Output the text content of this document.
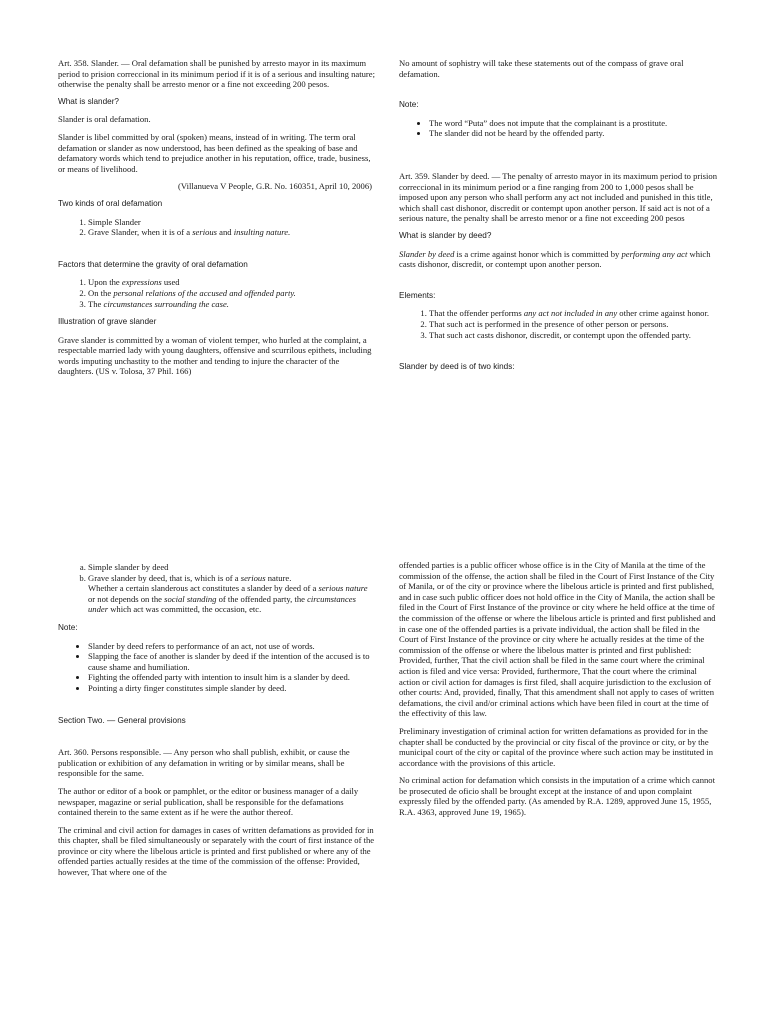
Art. 358. Slander. — Oral defamation shall be punished by arresto mayor in its maximum period to prision correccional in its minimum period if it is of a serious and insulting nature; otherwise the penalty shall be arresto menor or a fine not exceeding 200 pesos.

What is slander?

Slander is oral defamation.

Slander is libel committed by oral (spoken) means, instead of in writing. The term oral defamation or slander as now understood, has been defined as the speaking of base and defamatory words which tend to prejudice another in his reputation, office, trade, business, or means of livelihood.

(Villanueva V People, G.R. No. 160351, April 10, 2006)

Two kinds of oral defamation

1. Simple Slander
2. Grave Slander, when it is of a serious and insulting nature.

Factors that determine the gravity of oral defamation

1. Upon the expressions used
2. On the personal relations of the accused and offended party.
3. The circumstances surrounding the case.

Illustration of grave slander

Grave slander is committed by a woman of violent temper, who hurled at the complaint, a respectable married lady with young daughters, offensive and scurrilous epithets, including words imputing unchastity to the mother and tending to injure the character of the daughters. (US v. Tolosa, 37 Phil. 166)

No amount of sophistry will take these statements out of the compass of grave oral defamation.

Note:

• The word “Puta” does not impute that the complainant is a prostitute.
• The slander did not be heard by the offended party.

Art. 359. Slander by deed. — The penalty of arresto mayor in its maximum period to prision correccional in its minimum period or a fine ranging from 200 to 1,000 pesos shall be imposed upon any person who shall perform any act not included and punished in this title, which shall cast dishonor, discredit or contempt upon another person. If said act is not of a serious nature, the penalty shall be arresto menor or a fine not exceeding 200 pesos

What is slander by deed?

Slander by deed is a crime against honor which is committed by performing any act which casts dishonor, discredit, or contempt upon another person.

Elements:

1. That the offender performs any act not included in any other crime against honor.
2. That such act is performed in the presence of other person or persons.
3. That such act casts dishonor, discredit, or contempt upon the offended party.

Slander by deed is of two kinds:

a. Simple slander by deed
b. Grave slander by deed, that is, which is of a serious nature.
Whether a certain slanderous act constitutes a slander by deed of a serious nature or not depends on the social standing of the offended party, the circumstances under which act was committed, the occasion, etc.

Note:

• Slander by deed refers to performance of an act, not use of words.
• Slapping the face of another is slander by deed if the intention of the accused is to cause shame and humiliation.
• Fighting the offended party with intention to insult him is a slander by deed.
• Pointing a dirty finger constitutes simple slander by deed.

Section Two. — General provisions

Art. 360. Persons responsible. — Any person who shall publish, exhibit, or cause the publication or exhibition of any defamation in writing or by similar means, shall be responsible for the same.

The author or editor of a book or pamphlet, or the editor or business manager of a daily newspaper, magazine or serial publication, shall be responsible for the defamations contained therein to the same extent as if he were the author thereof.

The criminal and civil action for damages in cases of written defamations as provided for in this chapter, shall be filed simultaneously or separately with the court of first instance of the province or city where the libelous article is printed and first published or where any of the offended parties actually resides at the time of the commission of the offense: Provided, however, That where one of the

offended parties is a public officer whose office is in the City of Manila at the time of the commission of the offense, the action shall be filed in the Court of First Instance of the City of Manila, or of the city or province where the libelous article is printed and first published, and in case such public officer does not hold office in the City of Manila, the action shall be filed in the Court of First Instance of the province or city where he held office at the time of the commission of the offense or where the libelous article is printed and first published and in case one of the offended parties is a private individual, the action shall be filed in the Court of First Instance of the province or city where he actually resides at the time of the commission of the offense or where the libelous matter is printed and first published: Provided, further, That the civil action shall be filed in the same court where the criminal action is filed and vice versa: Provided, furthermore, That the court where the criminal action or civil action for damages is first filed, shall acquire jurisdiction to the exclusion of other courts: And, provided, finally, That this amendment shall not apply to cases of written defamations, the civil and/or criminal actions which have been filed in court at the time of the effectivity of this law.

Preliminary investigation of criminal action for written defamations as provided for in the chapter shall be conducted by the provincial or city fiscal of the province or city, or by the municipal court of the city or capital of the province where such action may be instituted in accordance with the provisions of this article.

No criminal action for defamation which consists in the imputation of a crime which cannot be prosecuted de oficio shall be brought except at the instance of and upon complaint expressly filed by the offended party. (As amended by R.A. 1289, approved June 15, 1955, R.A. 4363, approved June 19, 1965).
